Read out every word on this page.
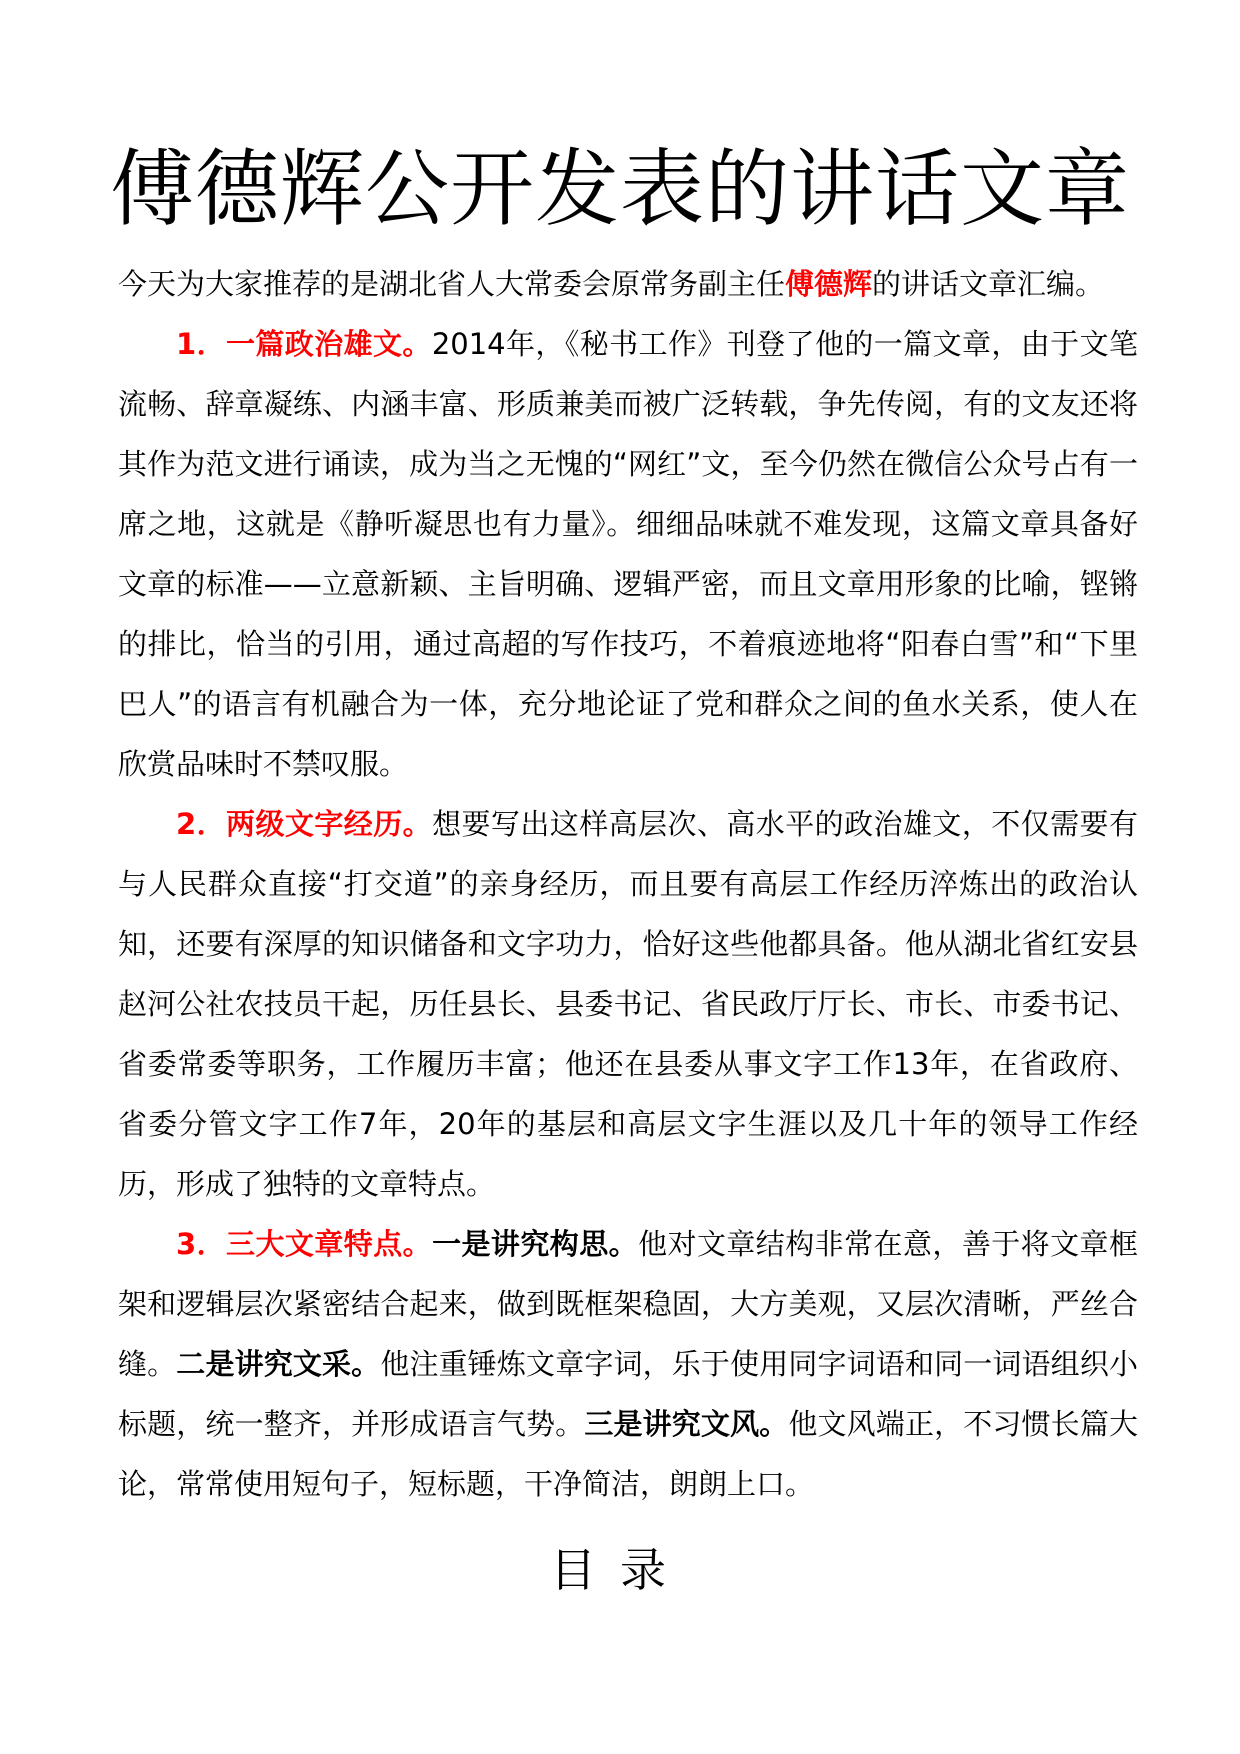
傅德辉公开发表的讲话文章

今天为大家推荐的是湖北省人大常委会原常务副主任傅德辉的讲话文章汇编。

1．一篇政治雄文。2014年，《秘书工作》刊登了他的一篇文章，由于文笔流畅、辞章凝练、内涵丰富、形质兼美而被广泛转载，争先传阅，有的文友还将其作为范文进行诵读，成为当之无愧的“网红”文，至今仍然在微信公众号占有一席之地，这就是《静听凝思也有力量》。细细品味就不难发现，这篇文章具备好文章的标准——立意新颖、主旨明确、逻辑严密，而且文章用形象的比喻，铿锵的排比，恰当的引用，通过高超的写作技巧，不着痕迹地将“阳春白雪”和“下里巴人”的语言有机融合为一体，充分地论证了党和群众之间的鱼水关系，使人在欣赏品味时不禁叹服。

2．两级文字经历。想要写出这样高层次、高水平的政治雄文，不仅需要有与人民群众直接“打交道”的亲身经历，而且要有高层工作经历淬炼出的政治认知，还要有深厚的知识储备和文字功力，恰好这些他都具备。他从湖北省红安县赵河公社农技员干起，历任县长、县委书记、省民政厅厅长、市长、市委书记、省委常委等职务，工作履历丰富；他还在县委从事文字工作13年，在省政府、省委分管文字工作7年，20年的基层和高层文字生涯以及几十年的领导工作经历，形成了独特的文章特点。

3．三大文章特点。一是讲究构思。他对文章结构非常在意，善于将文章框架和逻辑层次紧密结合起来，做到既框架稳固，大方美观，又层次清晰，严丝合缝。二是讲究文采。他注重锤炼文章字词，乐于使用同字词语和同一词语组织小标题，统一整齐，并形成语言气势。三是讲究文风。他文风端正，不习惯长篇大论，常常使用短句子，短标题，干净简洁，朗朗上口。

目录
